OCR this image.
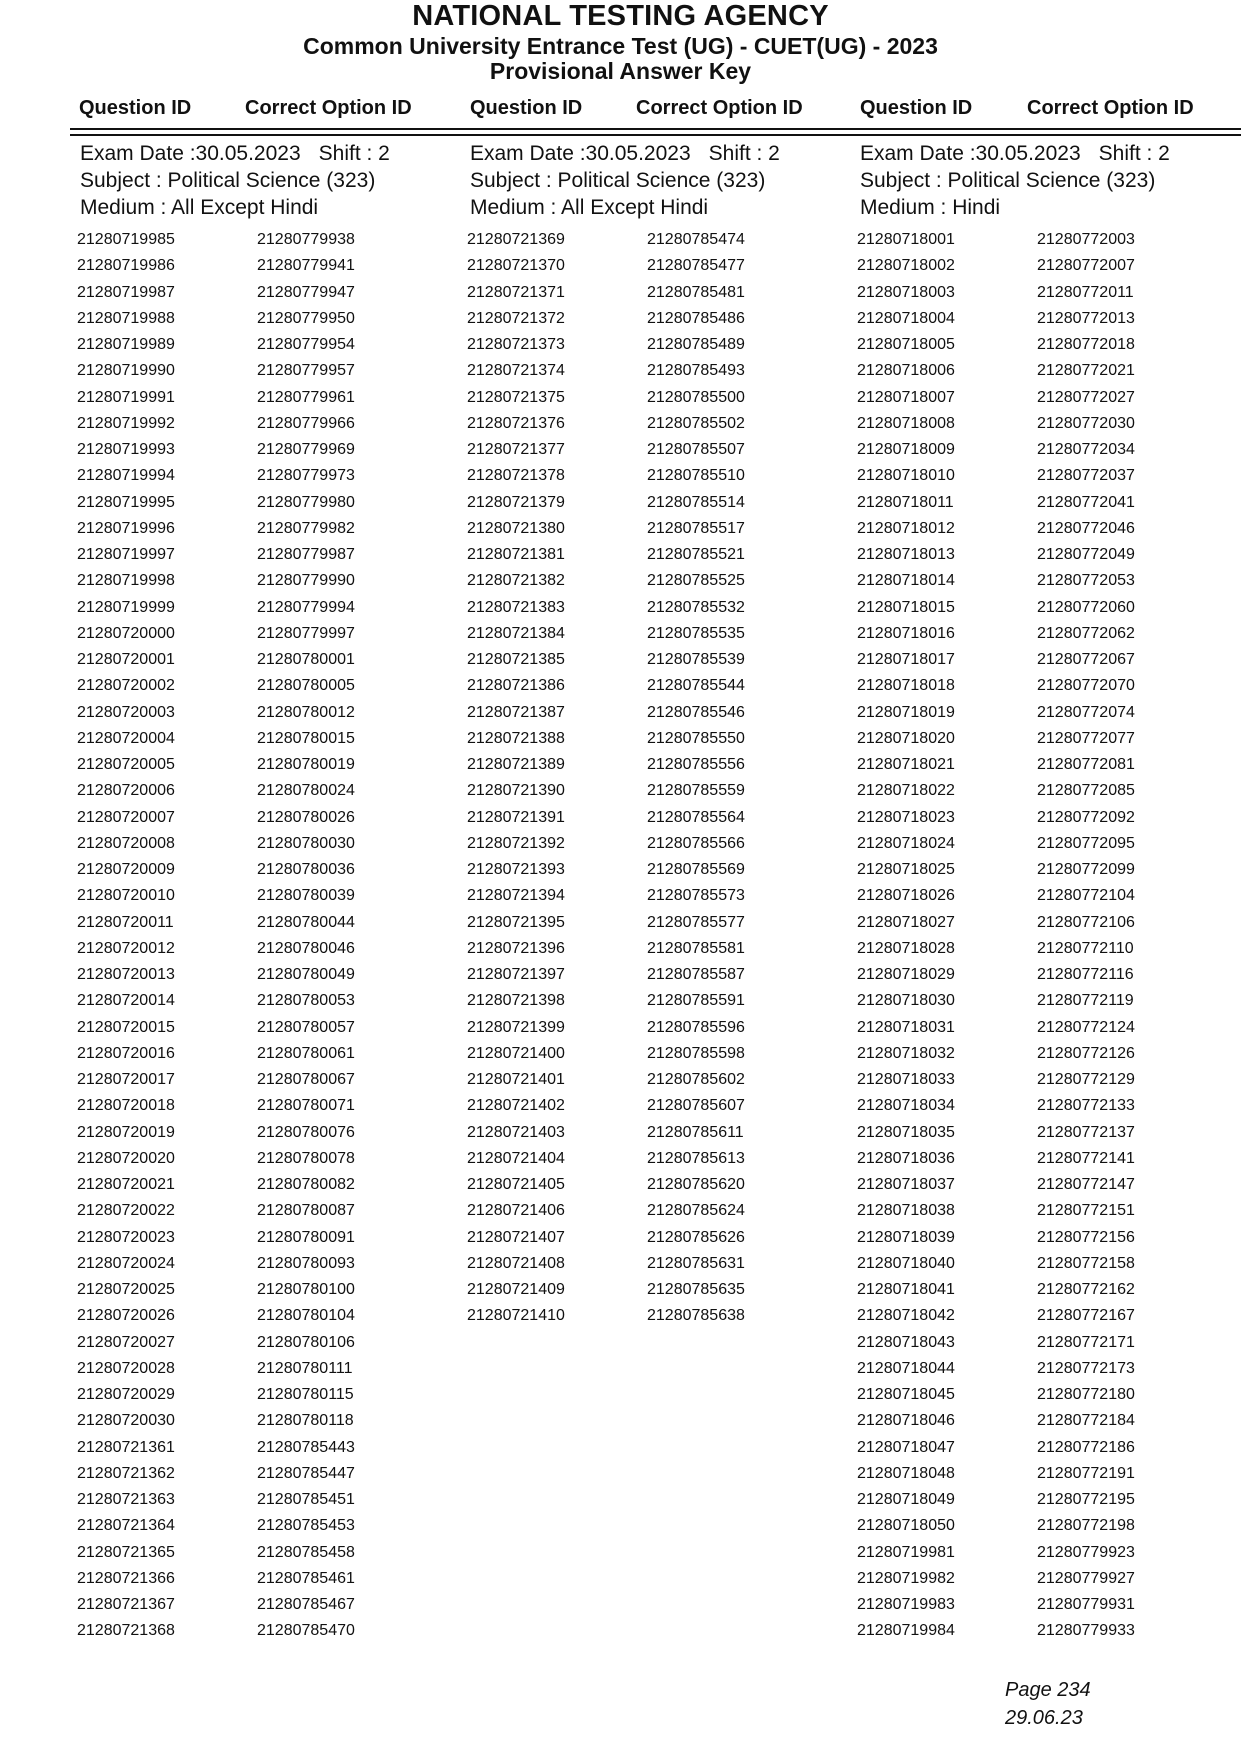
NATIONAL TESTING AGENCY
Common University Entrance Test (UG) - CUET(UG) - 2023
Provisional Answer Key
Question ID	Correct Option ID	Question ID	Correct Option ID	Question ID	Correct Option ID
Exam Date :30.05.2023 Shift : 2
Subject : Political Science (323)
Medium : All Except Hindi
21280719985	21280779938
21280719986	21280779941
21280719987	21280779947
21280719988	21280779950
21280719989	21280779954
21280719990	21280779957
21280719991	21280779961
21280719992	21280779966
21280719993	21280779969
21280719994	21280779973
21280719995	21280779980
21280719996	21280779982
21280719997	21280779987
21280719998	21280779990
21280719999	21280779994
21280720000	21280779997
21280720001	21280780001
21280720002	21280780005
21280720003	21280780012
21280720004	21280780015
21280720005	21280780019
21280720006	21280780024
21280720007	21280780026
21280720008	21280780030
21280720009	21280780036
21280720010	21280780039
21280720011	21280780044
21280720012	21280780046
21280720013	21280780049
21280720014	21280780053
21280720015	21280780057
21280720016	21280780061
21280720017	21280780067
21280720018	21280780071
21280720019	21280780076
21280720020	21280780078
21280720021	21280780082
21280720022	21280780087
21280720023	21280780091
21280720024	21280780093
21280720025	21280780100
21280720026	21280780104
21280720027	21280780106
21280720028	21280780111
21280720029	21280780115
21280720030	21280780118
21280721361	21280785443
21280721362	21280785447
21280721363	21280785451
21280721364	21280785453
21280721365	21280785458
21280721366	21280785461
21280721367	21280785467
21280721368	21280785470
Exam Date :30.05.2023 Shift : 2
Subject : Political Science (323)
Medium : All Except Hindi
21280721369	21280785474
21280721370	21280785477
21280721371	21280785481
21280721372	21280785486
21280721373	21280785489
21280721374	21280785493
21280721375	21280785500
21280721376	21280785502
21280721377	21280785507
21280721378	21280785510
21280721379	21280785514
21280721380	21280785517
21280721381	21280785521
21280721382	21280785525
21280721383	21280785532
21280721384	21280785535
21280721385	21280785539
21280721386	21280785544
21280721387	21280785546
21280721388	21280785550
21280721389	21280785556
21280721390	21280785559
21280721391	21280785564
21280721392	21280785566
21280721393	21280785569
21280721394	21280785573
21280721395	21280785577
21280721396	21280785581
21280721397	21280785587
21280721398	21280785591
21280721399	21280785596
21280721400	21280785598
21280721401	21280785602
21280721402	21280785607
21280721403	21280785611
21280721404	21280785613
21280721405	21280785620
21280721406	21280785624
21280721407	21280785626
21280721408	21280785631
21280721409	21280785635
21280721410	21280785638
Exam Date :30.05.2023 Shift : 2
Subject : Political Science (323)
Medium : Hindi
21280718001	21280772003
21280718002	21280772007
21280718003	21280772011
21280718004	21280772013
21280718005	21280772018
21280718006	21280772021
21280718007	21280772027
21280718008	21280772030
21280718009	21280772034
21280718010	21280772037
21280718011	21280772041
21280718012	21280772046
21280718013	21280772049
21280718014	21280772053
21280718015	21280772060
21280718016	21280772062
21280718017	21280772067
21280718018	21280772070
21280718019	21280772074
21280718020	21280772077
21280718021	21280772081
21280718022	21280772085
21280718023	21280772092
21280718024	21280772095
21280718025	21280772099
21280718026	21280772104
21280718027	21280772106
21280718028	21280772110
21280718029	21280772116
21280718030	21280772119
21280718031	21280772124
21280718032	21280772126
21280718033	21280772129
21280718034	21280772133
21280718035	21280772137
21280718036	21280772141
21280718037	21280772147
21280718038	21280772151
21280718039	21280772156
21280718040	21280772158
21280718041	21280772162
21280718042	21280772167
21280718043	21280772171
21280718044	21280772173
21280718045	21280772180
21280718046	21280772184
21280718047	21280772186
21280718048	21280772191
21280718049	21280772195
21280718050	21280772198
21280719981	21280779923
21280719982	21280779927
21280719983	21280779931
21280719984	21280779933
Page 234
29.06.23
